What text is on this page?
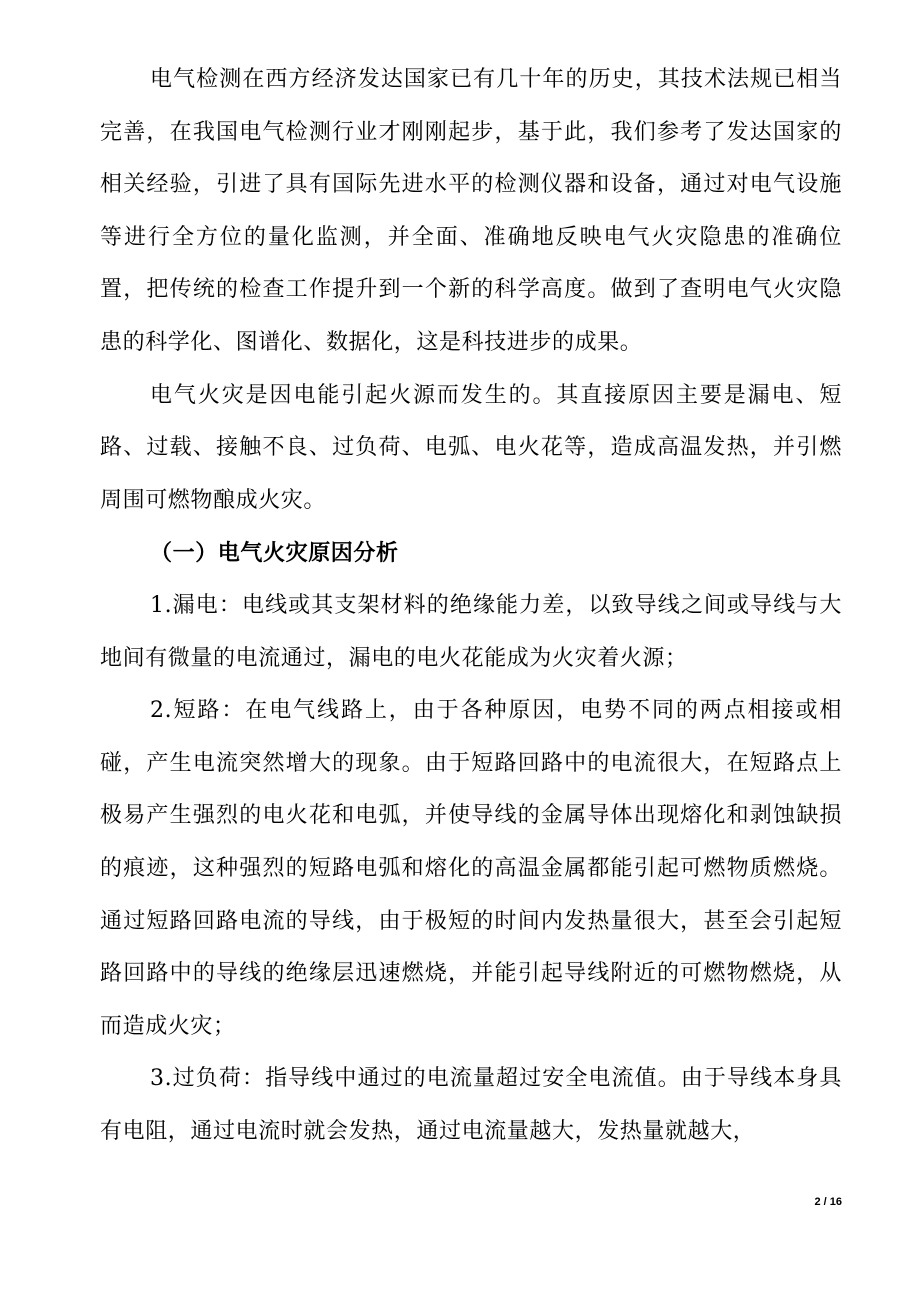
电气检测在西方经济发达国家已有几十年的历史，其技术法规已相当完善，在我国电气检测行业才刚刚起步，基于此，我们参考了发达国家的相关经验，引进了具有国际先进水平的检测仪器和设备，通过对电气设施等进行全方位的量化监测，并全面、准确地反映电气火灾隐患的准确位置，把传统的检查工作提升到一个新的科学高度。做到了查明电气火灾隐患的科学化、图谱化、数据化，这是科技进步的成果。

电气火灾是因电能引起火源而发生的。其直接原因主要是漏电、短路、过载、接触不良、过负荷、电弧、电火花等，造成高温发热，并引燃周围可燃物酿成火灾。

（一）电气火灾原因分析

1.漏电：电线或其支架材料的绝缘能力差，以致导线之间或导线与大地间有微量的电流通过，漏电的电火花能成为火灾着火源；

2.短路：在电气线路上，由于各种原因，电势不同的两点相接或相碰，产生电流突然增大的现象。由于短路回路中的电流很大，在短路点上极易产生强烈的电火花和电弧，并使导线的金属导体出现熔化和剥蚀缺损的痕迹，这种强烈的短路电弧和熔化的高温金属都能引起可燃物质燃烧。通过短路回路电流的导线，由于极短的时间内发热量很大，甚至会引起短路回路中的导线的绝缘层迅速燃烧，并能引起导线附近的可燃物燃烧，从而造成火灾；

3.过负荷：指导线中通过的电流量超过安全电流值。由于导线本身具有电阻，通过电流时就会发热，通过电流量越大，发热量就越大，

2 / 16
